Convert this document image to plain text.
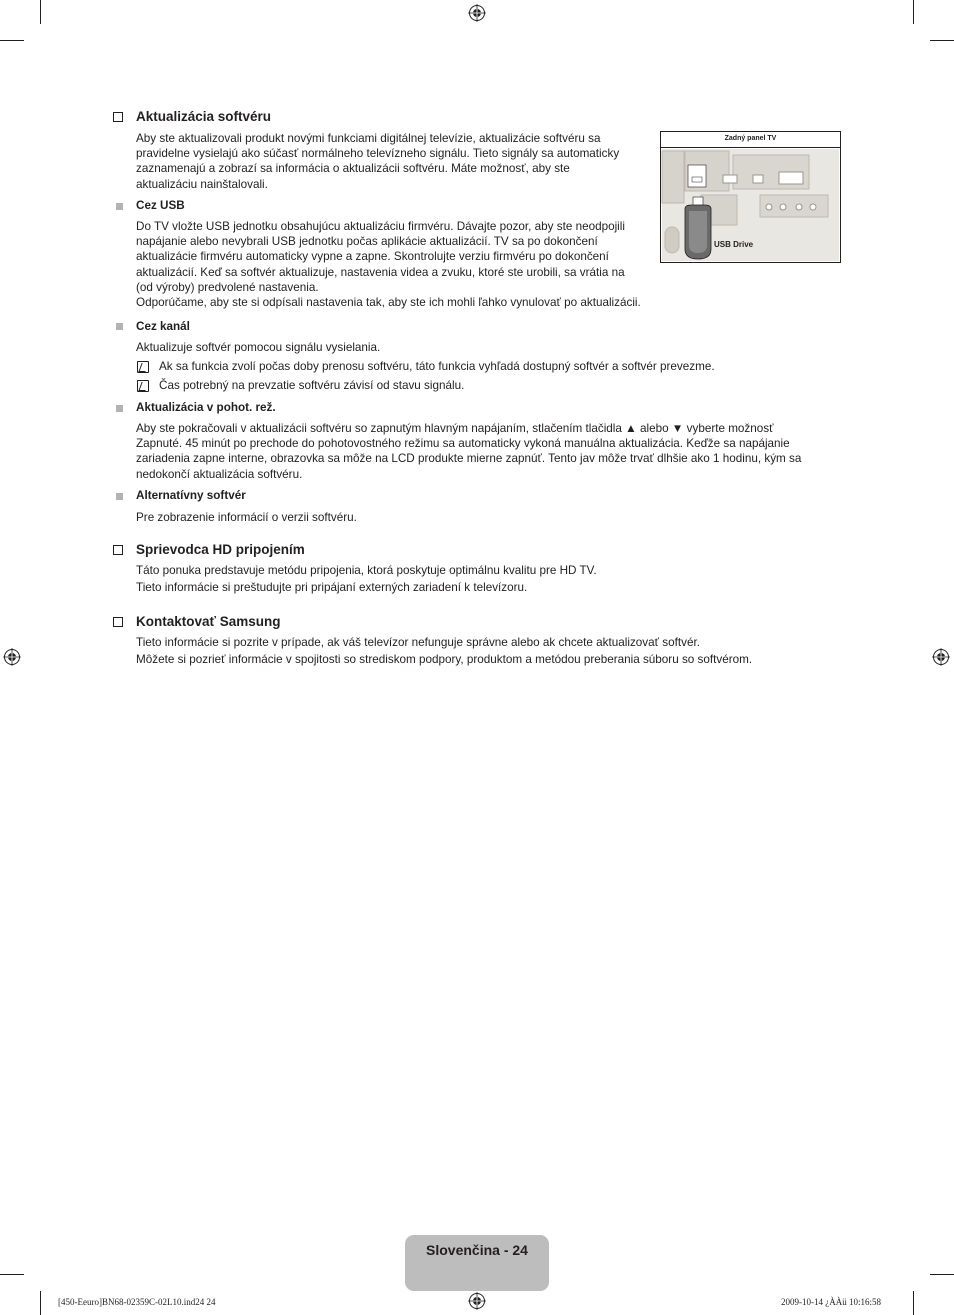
Aktualizácia softvéru
Aby ste aktualizovali produkt novými funkciami digitálnej televízie, aktualizácie softvéru sa
pravidelne vysielajú ako súčasť normálneho televízneho signálu. Tieto signály sa automaticky
zaznamenajú a zobrazí sa informácia o aktualizácii softvéru. Máte možnosť, aby ste
aktualizáciu nainštalovali.
Cez USB
Do TV vložte USB jednotku obsahujúcu aktualizáciu firmvéru. Dávajte pozor, aby ste neodpojili
napájanie alebo nevybrali USB jednotku počas aplikácie aktualizácií. TV sa po dokončení
aktualizácie firmvéru automaticky vypne a zapne. Skontrolujte verziu firmvéru po dokončení
aktualizácií. Keď sa softvér aktualizuje, nastavenia videa a zvuku, ktoré ste urobili, sa vrátia na
(od výroby) predvolené nastavenia.
Odporúčame, aby ste si odpísali nastavenia tak, aby ste ich mohli ľahko vynulovať po aktualizácii.
Zadný panel TV
USB Drive
Cez kanál
Aktualizuje softvér pomocou signálu vysielania.
Ak sa funkcia zvolí počas doby prenosu softvéru, táto funkcia vyhľadá dostupný softvér a softvér prevezme.
Čas potrebný na prevzatie softvéru závisí od stavu signálu.
Aktualizácia v pohot. rež.
Aby ste pokračovali v aktualizácii softvéru so zapnutým hlavným napájaním, stlačením tlačidla ▲ alebo ▼ vyberte možnosť
Zapnuté. 45 minút po prechode do pohotovostného režimu sa automaticky vykoná manuálna aktualizácia. Keďže sa napájanie
zariadenia zapne interne, obrazovka sa môže na LCD produkte mierne zapnúť. Tento jav môže trvať dlhšie ako 1 hodinu, kým sa
nedokončí aktualizácia softvéru.
Alternatívny softvér
Pre zobrazenie informácií o verzii softvéru.
Sprievodca HD pripojením
Táto ponuka predstavuje metódu pripojenia, ktorá poskytuje optimálnu kvalitu pre HD TV.
Tieto informácie si preštudujte pri pripájaní externých zariadení k televízoru.
Kontaktovať Samsung
Tieto informácie si pozrite v prípade, ak váš televízor nefunguje správne alebo ak chcete aktualizovať softvér.
Môžete si pozrieť informácie v spojitosti so strediskom podpory, produktom a metódou preberania súboru so softvérom.
Slovenčina - 24
[450-Eeuro]BN68-02359C-02L10.ind24 24	2009-10-14 ¿ÀÀü 10:16:58
